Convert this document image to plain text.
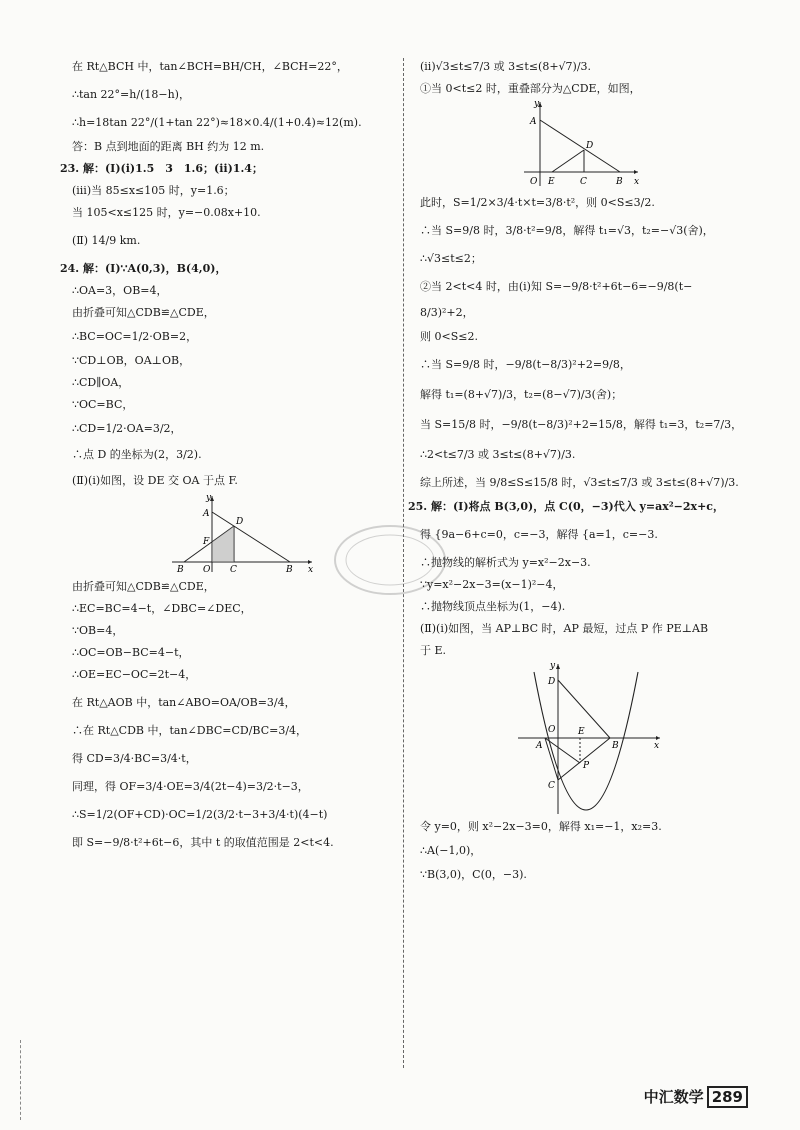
在 Rt△BCH 中，tan∠BCH=BH/CH，∠BCH=22°，

∴tan 22°=h/(18−h)，

∴h=18tan 22°/(1+tan 22°)≈18×0.4/(1+0.4)≈12(m).

答：B 点到地面的距离 BH 约为 12 m.

23. 解：(Ⅰ)(ⅰ)1.5　3　1.6；(ⅱ)1.4；

(ⅲ)当 85≤x≤105 时，y=1.6；

当 105<x≤125 时，y=−0.08x+10.

(Ⅱ) 14/9 km.

24. 解：(Ⅰ)∵A(0,3)，B(4,0)，

∴OA=3，OB=4，

由折叠可知△CDB≌△CDE，

∴BC=OC=1/2·OB=2，

∵CD⊥OB，OA⊥OB，

∴CD∥OA，

∵OC=BC，

∴CD=1/2·OA=3/2，

∴点 D 的坐标为(2，3/2).

(Ⅱ)(ⅰ)如图，设 DE 交 OA 于点 F.

y
A
D
F
B O C	B x

由折叠可知△CDB≌△CDE，

∴EC=BC=4−t，∠DBC=∠DEC，

∵OB=4，

∴OC=OB−BC=4−t，

∴OE=EC−OC=2t−4，

在 Rt△AOB 中，tan∠ABO=OA/OB=3/4，

∴在 Rt△CDB 中，tan∠DBC=CD/BC=3/4，

得 CD=3/4·BC=3/4·t，

同理，得 OF=3/4·OE=3/4(2t−4)=3/2·t−3，

∴S=1/2(OF+CD)·OC=1/2(3/2·t−3+3/4·t)(4−t)

即 S=−9/8·t²+6t−6，其中 t 的取值范围是 2<t<4.

(ⅱ)√3≤t≤7/3 或 3≤t≤(8+√7)/3.

①当 0<t≤2 时，重叠部分为△CDE，如图，

y
A
D
O E	C	B x

此时，S=1/2×3/4·t×t=3/8·t²，则 0<S≤3/2.

∴当 S=9/8 时，3/8·t²=9/8，解得 t₁=√3，t₂=−√3(舍)，

∴√3≤t≤2；

②当 2<t<4 时，由(ⅰ)知 S=−9/8·t²+6t−6=−9/8(t−

8/3)²+2，

则 0<S≤2.

∴当 S=9/8 时，−9/8(t−8/3)²+2=9/8，

解得 t₁=(8+√7)/3，t₂=(8−√7)/3(舍)；

当 S=15/8 时，−9/8(t−8/3)²+2=15/8，解得 t₁=3，t₂=7/3，

∴2<t≤7/3 或 3≤t≤(8+√7)/3.

综上所述，当 9/8≤S≤15/8 时，√3≤t≤7/3 或 3≤t≤(8+√7)/3.

25. 解：(Ⅰ)将点 B(3,0)，点 C(0，−3)代入 y=ax²−2x+c，

得 {9a−6+c=0，c=−3，解得 {a=1，c=−3.

∴抛物线的解析式为 y=x²−2x−3.

∵y=x²−2x−3=(x−1)²−4，

∴抛物线顶点坐标为(1，−4).

(Ⅱ)(ⅰ)如图，当 AP⊥BC 时，AP 最短，过点 P 作 PE⊥AB

于 E.

y
D
O	E
A	B	x
P
C

令 y=0，则 x²−2x−3=0，解得 x₁=−1，x₂=3.

∴A(−1,0)，

∵B(3,0)，C(0，−3).

中汇数学 289
